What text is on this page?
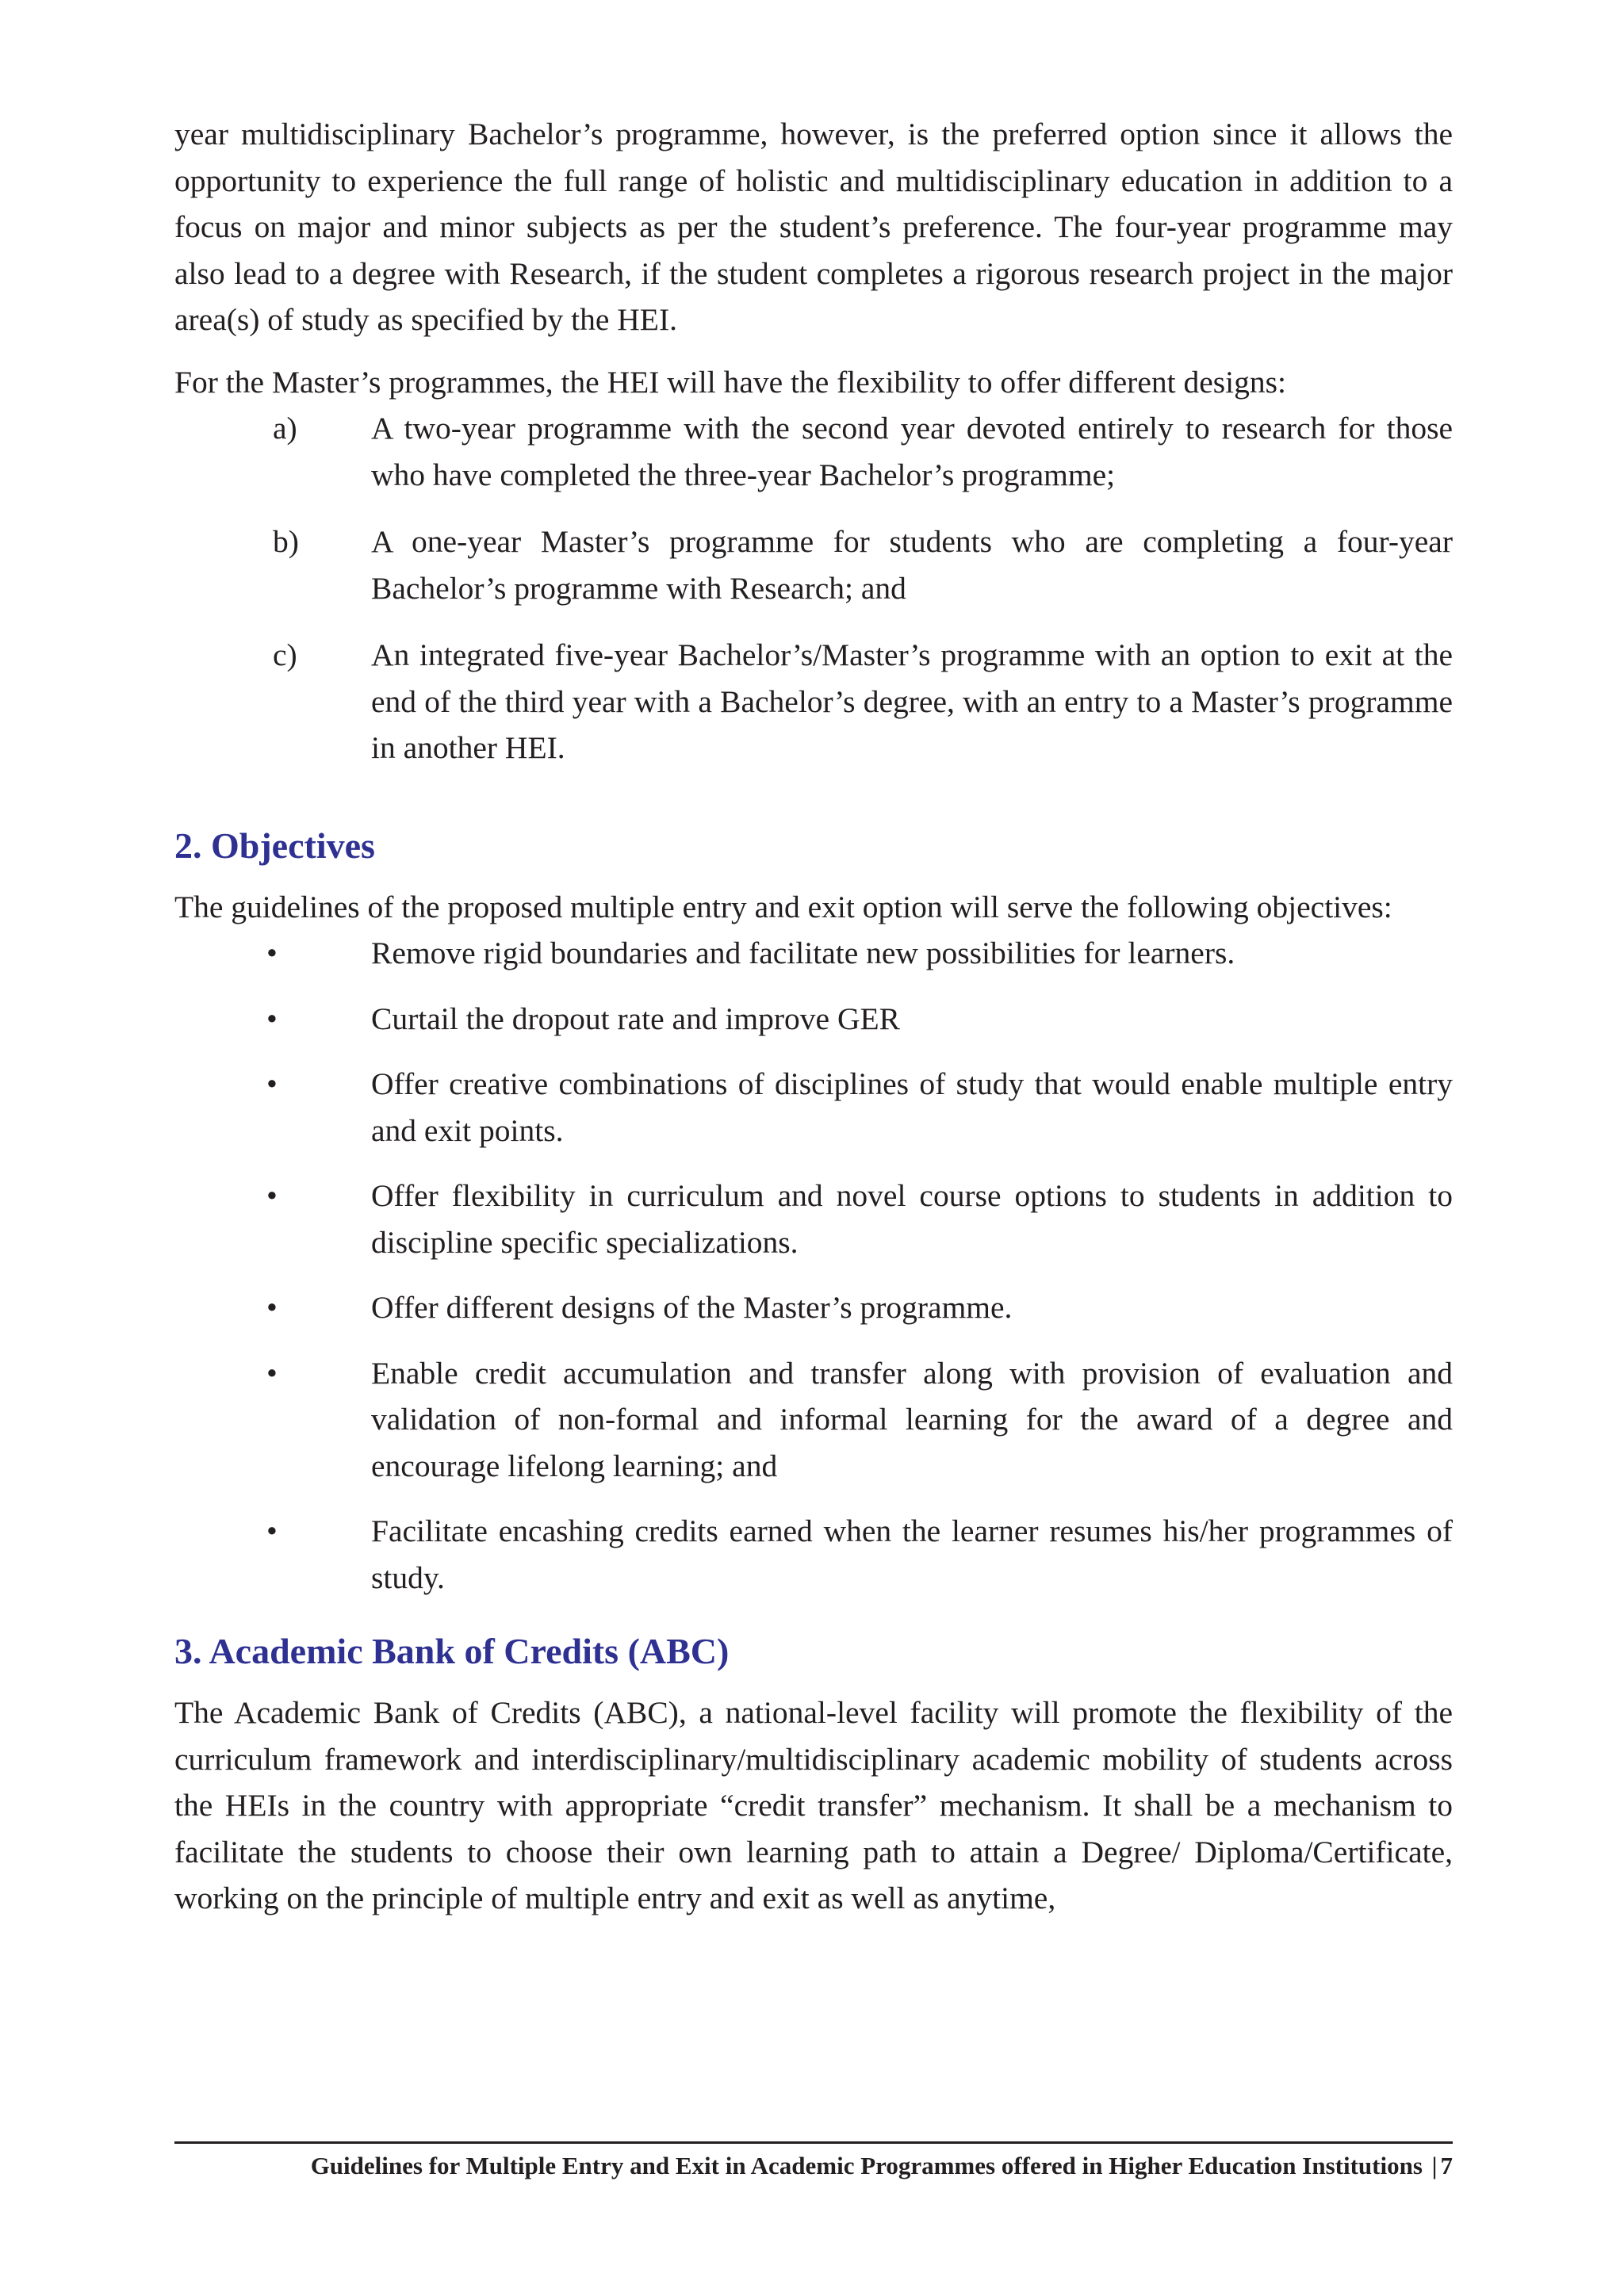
year multidisciplinary Bachelor’s programme, however, is the preferred option since it allows the opportunity to experience the full range of holistic and multidisciplinary education in addition to a focus on major and minor subjects as per the student’s preference. The four-year programme may also lead to a degree with Research, if the student completes a rigorous research project in the major area(s) of study as specified by the HEI.

For the Master’s programmes, the HEI will have the flexibility to offer different designs:

a)	A two-year programme with the second year devoted entirely to research for those who have completed the three-year Bachelor’s programme;
b)	A one-year Master’s programme for students who are completing a four-year Bachelor’s programme with Research; and
c)	An integrated five-year Bachelor’s/Master’s programme with an option to exit at the end of the third year with a Bachelor’s degree, with an entry to a Master’s programme in another HEI.
2. Objectives

The guidelines of the proposed multiple entry and exit option will serve the following objectives:

•	Remove rigid boundaries and facilitate new possibilities for learners.
•	Curtail the dropout rate and improve GER
•	Offer creative combinations of disciplines of study that would enable multiple entry and exit points.
•	Offer flexibility in curriculum and novel course options to students in addition to discipline specific specializations.
•	Offer different designs of the Master’s programme.
•	Enable credit accumulation and transfer along with provision of evaluation and validation of non-formal and informal learning for the award of a degree and encourage lifelong learning; and
•	Facilitate encashing credits earned when the learner resumes his/her programmes of study.
3. Academic Bank of Credits (ABC)

The Academic Bank of Credits (ABC), a national-level facility will promote the flexibility of the curriculum framework and interdisciplinary/multidisciplinary academic mobility of students across the HEIs in the country with appropriate “credit transfer” mechanism. It shall be a mechanism to facilitate the students to choose their own learning path to attain a Degree/ Diploma/Certificate, working on the principle of multiple entry and exit as well as anytime,

Guidelines for Multiple Entry and Exit in Academic Programmes offered in Higher Education Institutions | 7
